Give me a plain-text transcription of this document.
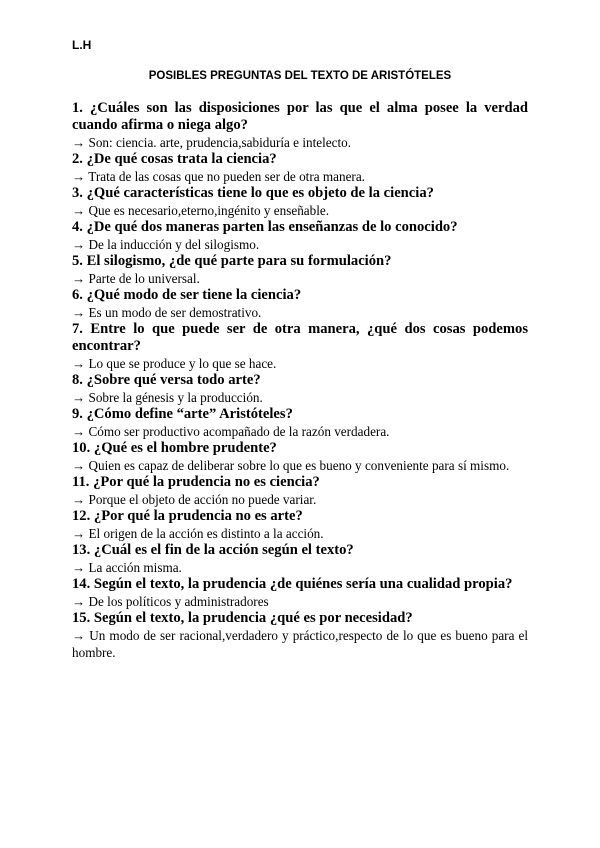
L.H
POSIBLES PREGUNTAS DEL TEXTO DE ARISTÓTELES

1. ¿Cuáles son las disposiciones por las que el alma posee la verdad cuando afirma o niega algo?

→ Son: ciencia. arte, prudencia,sabiduría e intelecto.

2. ¿De qué cosas trata la ciencia?

→ Trata de las cosas que no pueden ser de otra manera.

3. ¿Qué características tiene lo que es objeto de la ciencia?

→ Que es necesario,eterno,ingénito y enseñable.

4. ¿De qué dos maneras parten las enseñanzas de lo conocido?

→ De la inducción y del silogismo.

5. El silogismo, ¿de qué parte para su formulación?

→ Parte de lo universal.

6. ¿Qué modo de ser tiene la ciencia?

→ Es un modo de ser demostrativo.

7. Entre lo que puede ser de otra manera, ¿qué dos cosas podemos encontrar?

→ Lo que se produce y lo que se hace.

8. ¿Sobre qué versa todo arte?

→ Sobre la génesis y la producción.

9. ¿Cómo define “arte” Aristóteles?

→ Cómo ser productivo acompañado de la razón verdadera.

10. ¿Qué es el hombre prudente?

→ Quien es capaz de deliberar sobre lo que es bueno y conveniente para sí mismo.

11. ¿Por qué la prudencia no es ciencia?

→ Porque el objeto de acción no puede variar.

12. ¿Por qué la prudencia no es arte?

→ El origen de la acción es distinto a la acción.

13. ¿Cuál es el fin de la acción según el texto?

→ La acción misma.

14. Según el texto, la prudencia ¿de quiénes sería una cualidad propia?

→ De los políticos y administradores

15. Según el texto, la prudencia ¿qué es por necesidad?

→ Un modo de ser racional,verdadero y práctico,respecto de lo que es bueno para el hombre.
